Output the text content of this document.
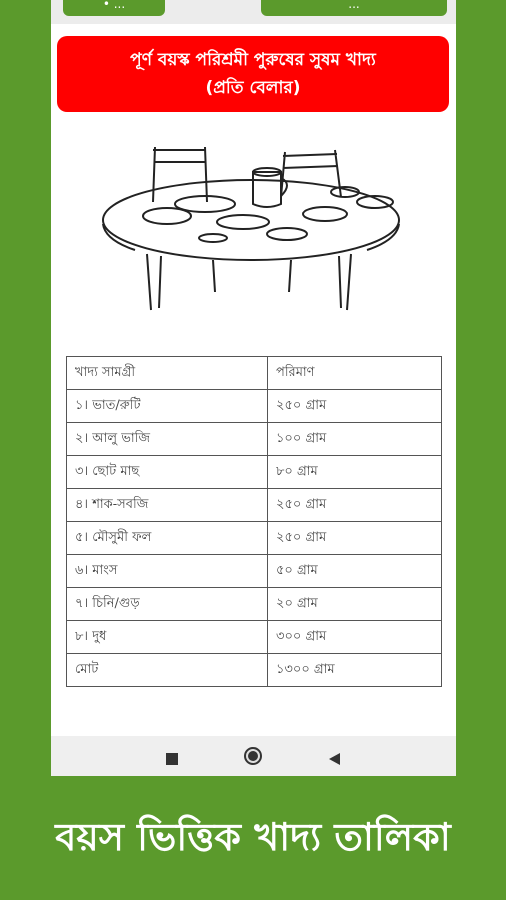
• ...	...
পূর্ণ বয়স্ক পরিশ্রমী পুরুষের সুষম খাদ্য
(প্রতি বেলার)
খাদ্য সামগ্রী	পরিমাণ
১। ভাত/রুটি	২৫০ গ্রাম
২। আলু ভাজি	১০০ গ্রাম
৩। ছোট মাছ	৮০ গ্রাম
৪। শাক-সবজি	২৫০ গ্রাম
৫। মৌসুমী ফল	২৫০ গ্রাম
৬। মাংস	৫০ গ্রাম
৭। চিনি/গুড়	২০ গ্রাম
৮। দুধ	৩০০ গ্রাম
মোট	১৩০০ গ্রাম
বয়স ভিত্তিক খাদ্য তালিকা
